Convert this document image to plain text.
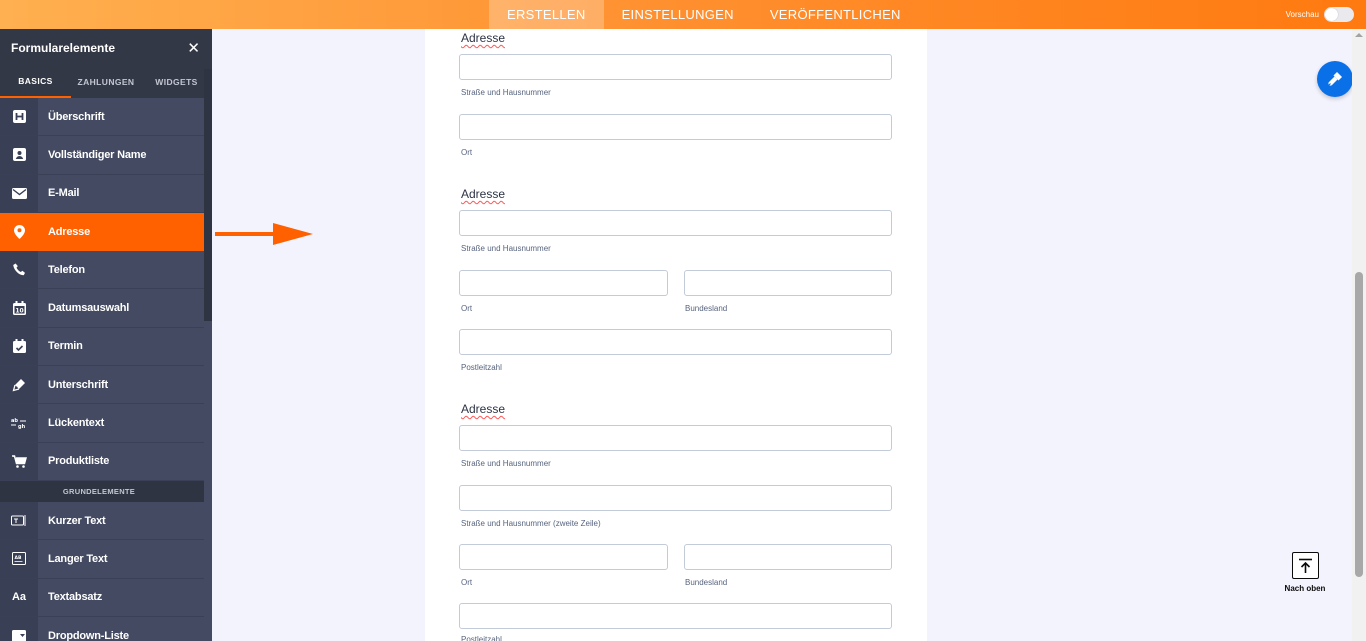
ERSTELLEN	EINSTELLUNGEN	VERÖFFENTLICHEN	Vorschau
Formularelemente	✕
BASICS	ZAHLUNGEN	WIDGETS
Überschrift
Vollständiger Name
E-Mail
Adresse
Telefon
10	Datumsauswahl
Termin
Unterschrift
ab
gh	Lückentext
Produktliste
GRUNDELEMENTE
Kurzer Text
AB	Langer Text
Aa	Textabsatz
Dropdown-Liste
Adresse
Straße und Hausnummer
Ort
Adresse
Straße und Hausnummer
Ort	Bundesland
Postleitzahl
Adresse
Straße und Hausnummer
Straße und Hausnummer (zweite Zeile)
Ort	Bundesland
Postleitzahl
Nach oben
